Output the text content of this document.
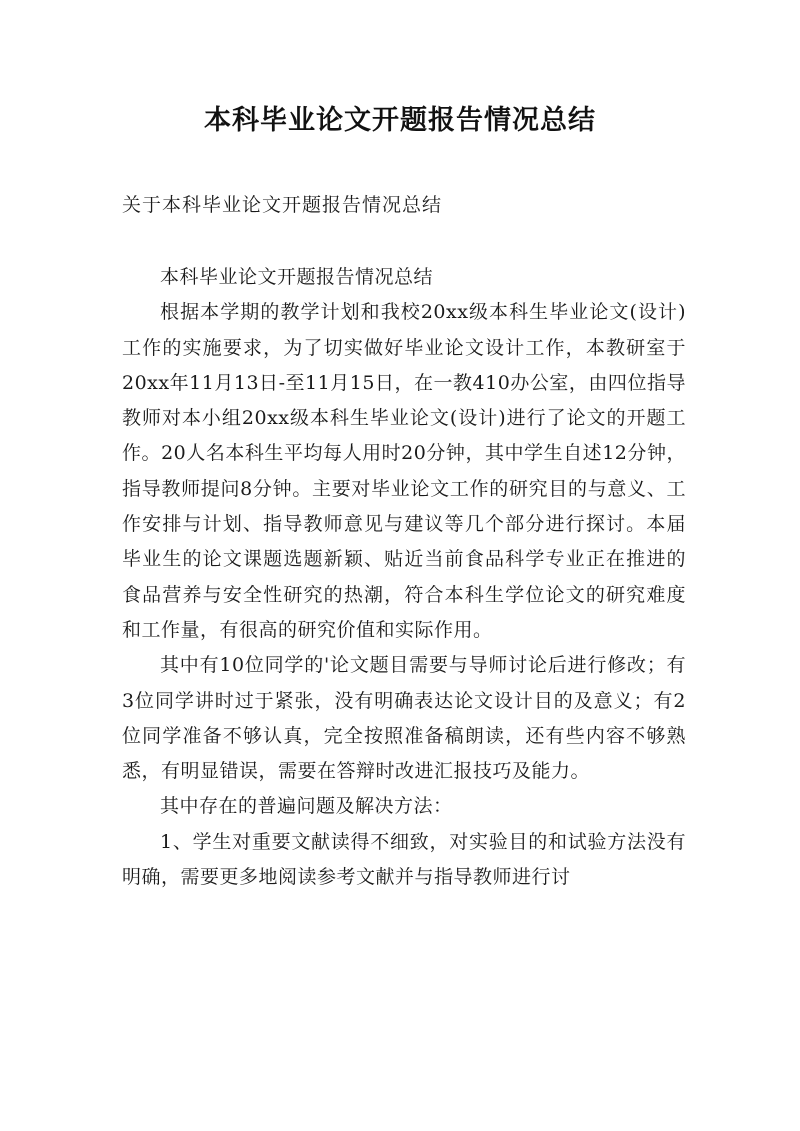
本科毕业论文开题报告情况总结

关于本科毕业论文开题报告情况总结

本科毕业论文开题报告情况总结

根据本学期的教学计划和我校20xx级本科生毕业论文(设计)工作的实施要求，为了切实做好毕业论文设计工作，本教研室于20xx年11月13日-至11月15日，在一教410办公室，由四位指导教师对本小组20xx级本科生毕业论文(设计)进行了论文的开题工作。20人名本科生平均每人用时20分钟，其中学生自述12分钟，指导教师提问8分钟。主要对毕业论文工作的研究目的与意义、工作安排与计划、指导教师意见与建议等几个部分进行探讨。本届毕业生的论文课题选题新颖、贴近当前食品科学专业正在推进的食品营养与安全性研究的热潮，符合本科生学位论文的研究难度和工作量，有很高的研究价值和实际作用。

其中有10位同学的'论文题目需要与导师讨论后进行修改；有3位同学讲时过于紧张，没有明确表达论文设计目的及意义；有2位同学准备不够认真，完全按照准备稿朗读，还有些内容不够熟悉，有明显错误，需要在答辩时改进汇报技巧及能力。

其中存在的普遍问题及解决方法：

1、学生对重要文献读得不细致，对实验目的和试验方法没有明确，需要更多地阅读参考文献并与指导教师进行讨
